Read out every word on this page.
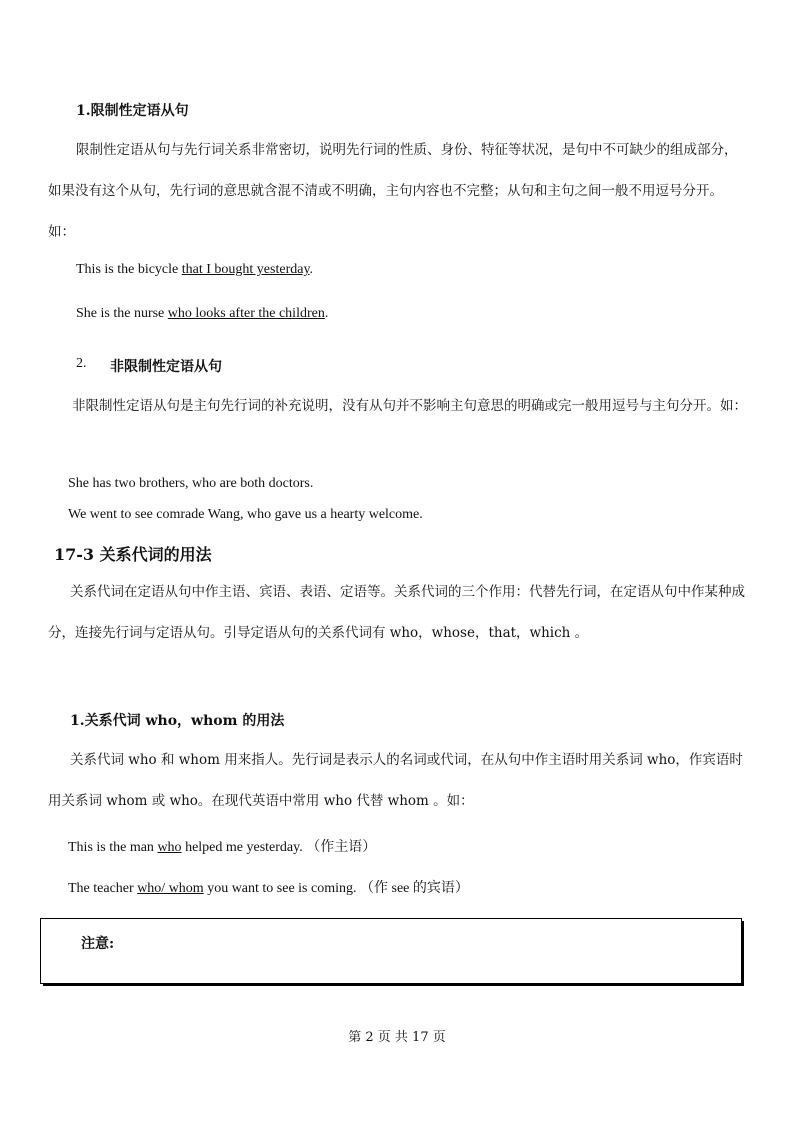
1.限制性定语从句
限制性定语从句与先行词关系非常密切，说明先行词的性质、身份、特征等状况，是句中不可缺少的组成部分，如果没有这个从句，先行词的意思就含混不清或不明确，主句内容也不完整；从句和主句之间一般不用逗号分开。如：
This is the bicycle that I bought yesterday.
She is the nurse who looks after the children.
2. 非限制性定语从句
非限制性定语从句是主句先行词的补充说明，没有从句并不影响主句意思的明确或完一般用逗号与主句分开。如：
She has two brothers, who are both doctors.
We went to see comrade Wang, who gave us a hearty welcome.
17-3 关系代词的用法
关系代词在定语从句中作主语、宾语、表语、定语等。关系代词的三个作用：代替先行词，在定语从句中作某种成分，连接先行词与定语从句。引导定语从句的关系代词有 who，whose，that，which 。
1.关系代词 who，whom 的用法
关系代词 who 和 whom 用来指人。先行词是表示人的名词或代词，在从句中作主语时用关系词 who，作宾语时用关系词 whom 或 who。在现代英语中常用 who 代替 whom 。如：
This is the man who helped me yesterday. （作主语）
The teacher who/ whom you want to see is coming. （作 see 的宾语）
注意:
第 2 页 共 17 页
